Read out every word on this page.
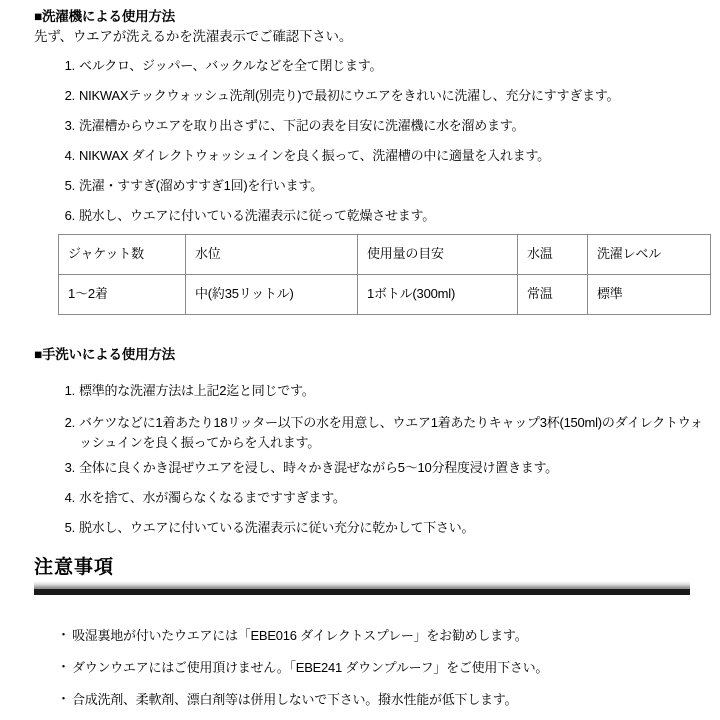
■洗濯機による使用方法
先ず、ウエアが洗えるかを洗濯表示でご確認下さい。
1. ベルクロ、ジッパー、バックルなどを全て閉じます。
2. NIKWAXテックウォッシュ洗剤(別売り)で最初にウエアをきれいに洗濯し、充分にすすぎます。
3. 洗濯槽からウエアを取り出さずに、下記の表を目安に洗濯機に水を溜めます。
4. NIKWAX ダイレクトウォッシュインを良く振って、洗濯槽の中に適量を入れます。
5. 洗濯・すすぎ(溜めすすぎ1回)を行います。
6. 脱水し、ウエアに付いている洗濯表示に従って乾燥させます。
ジャケット数	水位	使用量の目安	水温	洗濯レベル
1〜2着	中(約35リットル)	1ボトル(300ml)	常温	標準
■手洗いによる使用方法
1. 標準的な洗濯方法は上記2迄と同じです。
2. バケツなどに1着あたり18リッター以下の水を用意し、ウエア1着あたりキャップ3杯(150ml)のダイレクトウォッシュインを良く振ってからを入れます。
3. 全体に良くかき混ぜウエアを浸し、時々かき混ぜながら5〜10分程度浸け置きます。
4. 水を捨て、水が濁らなくなるまですすぎます。
5. 脱水し、ウエアに付いている洗濯表示に従い充分に乾かして下さい。
注意事項
・ 吸湿裏地が付いたウエアには「EBE016 ダイレクトスプレー」をお勧めします。
・ ダウンウエアにはご使用頂けません。「EBE241 ダウンプルーフ」をご使用下さい。
・ 合成洗剤、柔軟剤、漂白剤等は併用しないで下さい。撥水性能が低下します。
